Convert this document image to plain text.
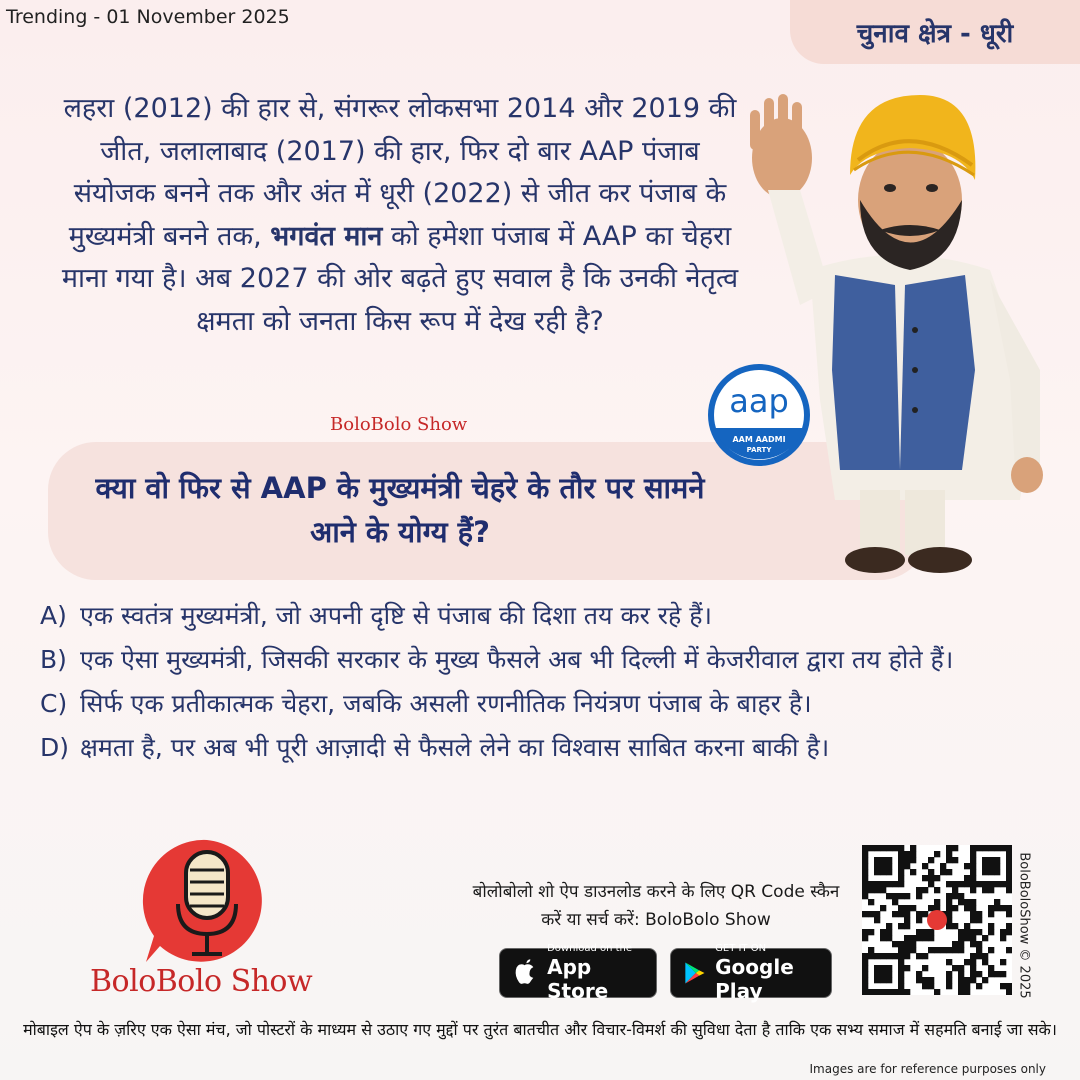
Trending - 01 November 2025
चुनाव क्षेत्र - धूरी
लहरा (2012) की हार से, संगरूर लोकसभा 2014 और 2019 की जीत, जलालाबाद (2017) की हार, फिर दो बार AAP पंजाब संयोजक बनने तक और अंत में धूरी (2022) से जीत कर पंजाब के मुख्यमंत्री बनने तक, भगवंत मान को हमेशा पंजाब में AAP का चेहरा माना गया है। अब 2027 की ओर बढ़ते हुए सवाल है कि उनकी नेतृत्व क्षमता को जनता किस रूप में देख रही है?
BoloBolo Show
क्या वो फिर से AAP के मुख्यमंत्री चेहरे के तौर पर सामने आने के योग्य हैं?
aap
AAM AADMI
PARTY
A) एक स्वतंत्र मुख्यमंत्री, जो अपनी दृष्टि से पंजाब की दिशा तय कर रहे हैं।
B) एक ऐसा मुख्यमंत्री, जिसकी सरकार के मुख्य फैसले अब भी दिल्ली में केजरीवाल द्वारा तय होते हैं।
C) सिर्फ एक प्रतीकात्मक चेहरा, जबकि असली रणनीतिक नियंत्रण पंजाब के बाहर है।
D) क्षमता है, पर अब भी पूरी आज़ादी से फैसले लेने का विश्वास साबित करना बाकी है।
BoloBolo Show
बोलोबोलो शो ऐप डाउनलोड करने के लिए QR Code स्कैन करें या सर्च करें: BoloBolo Show
Download on the
App Store
GET IT ON
Google Play	BoloBoloShow © 2025
मोबाइल ऐप के ज़रिए एक ऐसा मंच, जो पोस्टरों के माध्यम से उठाए गए मुद्दों पर तुरंत बातचीत और विचार-विमर्श की सुविधा देता है ताकि एक सभ्य समाज में सहमति बनाई जा सके।
Images are for reference purposes only
